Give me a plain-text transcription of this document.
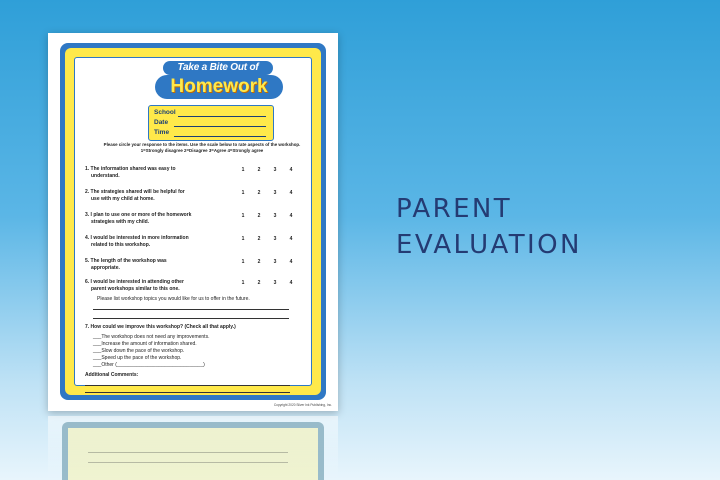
Take a Bite Out of
Homework
School
Date
Time
Please circle your response to the items. Use the scale below to rate aspects of the workshop.
1=Strongly disagree 2=Disagree 3=Agree 4=Strongly agree
1. The information shared was easy to
understand.
1	2	3	4
2. The strategies shared will be helpful for
use with my child at home.
1	2	3	4
3. I plan to use one or more of the homework
strategies with my child.
1	2	3	4
4. I would be interested in more information
related to this workshop.
1	2	3	4
5. The length of the workshop was
appropriate.
1	2	3	4
6. I would be interested in attending other
parent workshops similar to this one.
1	2	3	4
Please list workshop topics you would like for us to offer in the future.
7. How could we improve this workshop? (Check all that apply.)
___The workshop does not need any improvements.
___Increase the amount of information shared.
___Slow down the pace of the workshop.
___Speed up the pace of the workshop.
___Other (_______________________________)
Additional Comments:
Copyright 2020 Silver Ink Publishing, Inc.
PARENT
EVALUATION
